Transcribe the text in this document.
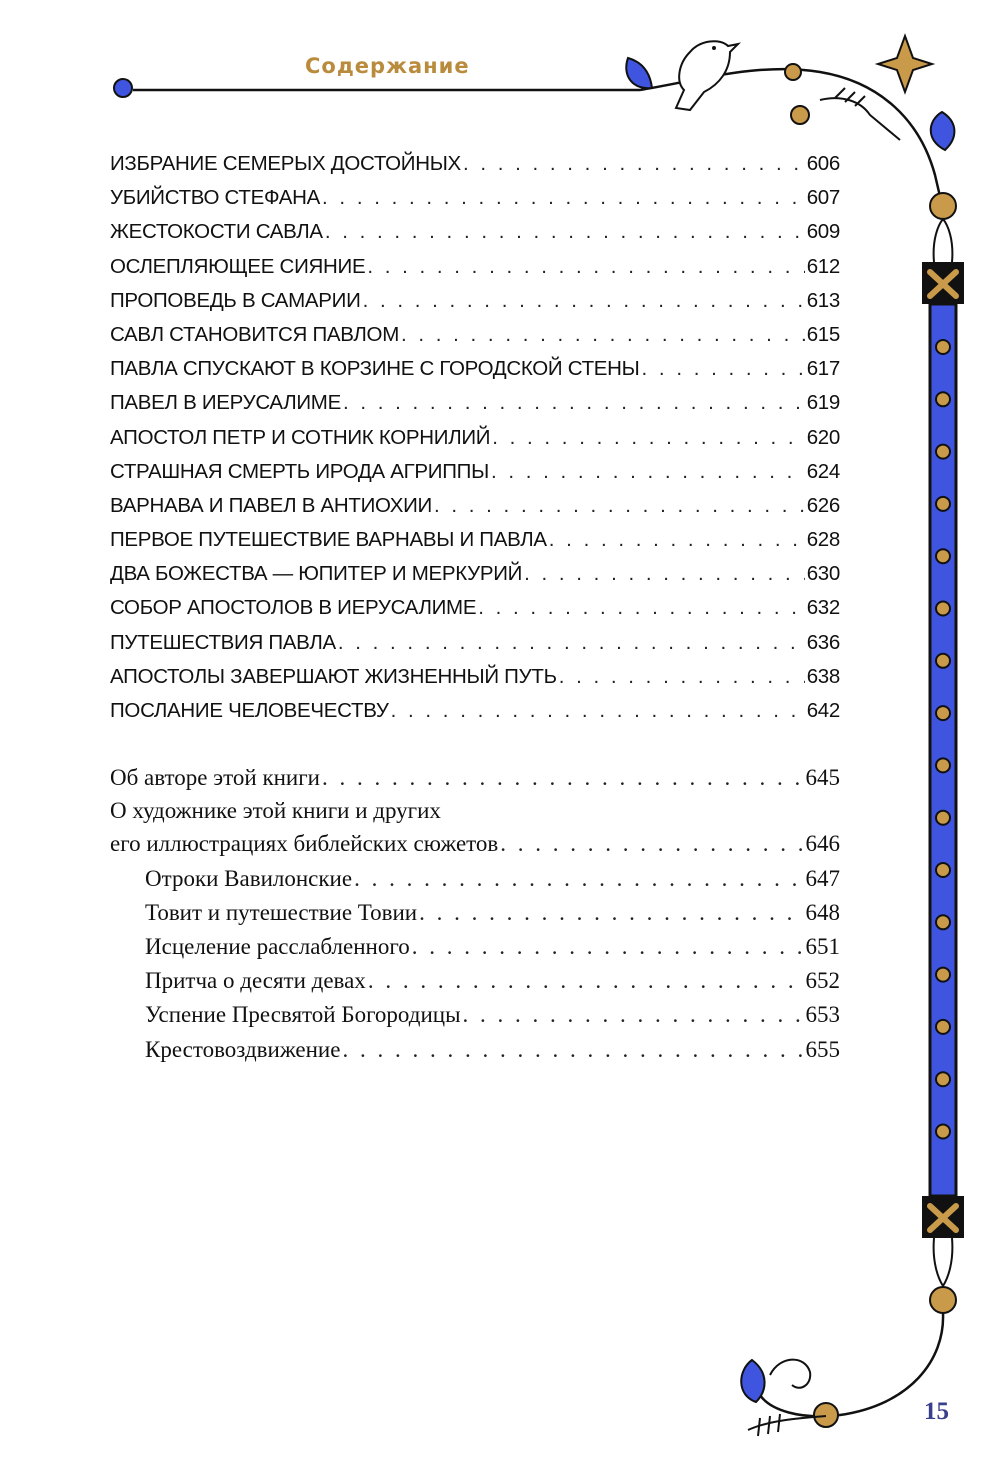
Содержание
ИЗБРАНИЕ СЕМЕРЫХ ДОСТОЙНЫХ . . .	606
УБИЙСТВО СТЕФАНА . . .	607
ЖЕСТОКОСТИ САВЛА . . .	609
ОСЛЕПЛЯЮЩЕЕ СИЯНИЕ . . .	612
ПРОПОВЕДЬ В САМАРИИ . . .	613
САВЛ СТАНОВИТСЯ ПАВЛОМ . . .	615
ПАВЛА СПУСКАЮТ В КОРЗИНЕ С ГОРОДСКОЙ СТЕНЫ . . .	617
ПАВЕЛ В ИЕРУСАЛИМЕ . . .	619
АПОСТОЛ ПЕТР И СОТНИК КОРНИЛИЙ . . .	620
СТРАШНАЯ СМЕРТЬ ИРОДА АГРИППЫ . . .	624
ВАРНАВА И ПАВЕЛ В АНТИОХИИ . . .	626
ПЕРВОЕ ПУТЕШЕСТВИЕ ВАРНАВЫ И ПАВЛА . . .	628
ДВА БОЖЕСТВА — ЮПИТЕР И МЕРКУРИЙ . . .	630
СОБОР АПОСТОЛОВ В ИЕРУСАЛИМЕ . . .	632
ПУТЕШЕСТВИЯ ПАВЛА . . .	636
АПОСТОЛЫ ЗАВЕРШАЮТ ЖИЗНЕННЫЙ ПУТЬ . . .	638
ПОСЛАНИЕ ЧЕЛОВЕЧЕСТВУ . . .	642
Об авторе этой книги . . .	645
О художнике этой книги и других
его иллюстрациях библейских сюжетов . . .	646
Отроки Вавилонские . . .	647
Товит и путешествие Товии . . .	648
Исцеление расслабленного . . .	651
Притча о десяти девах . . .	652
Успение Пресвятой Богородицы . . .	653
Крестовоздвижение . . .	655
15
